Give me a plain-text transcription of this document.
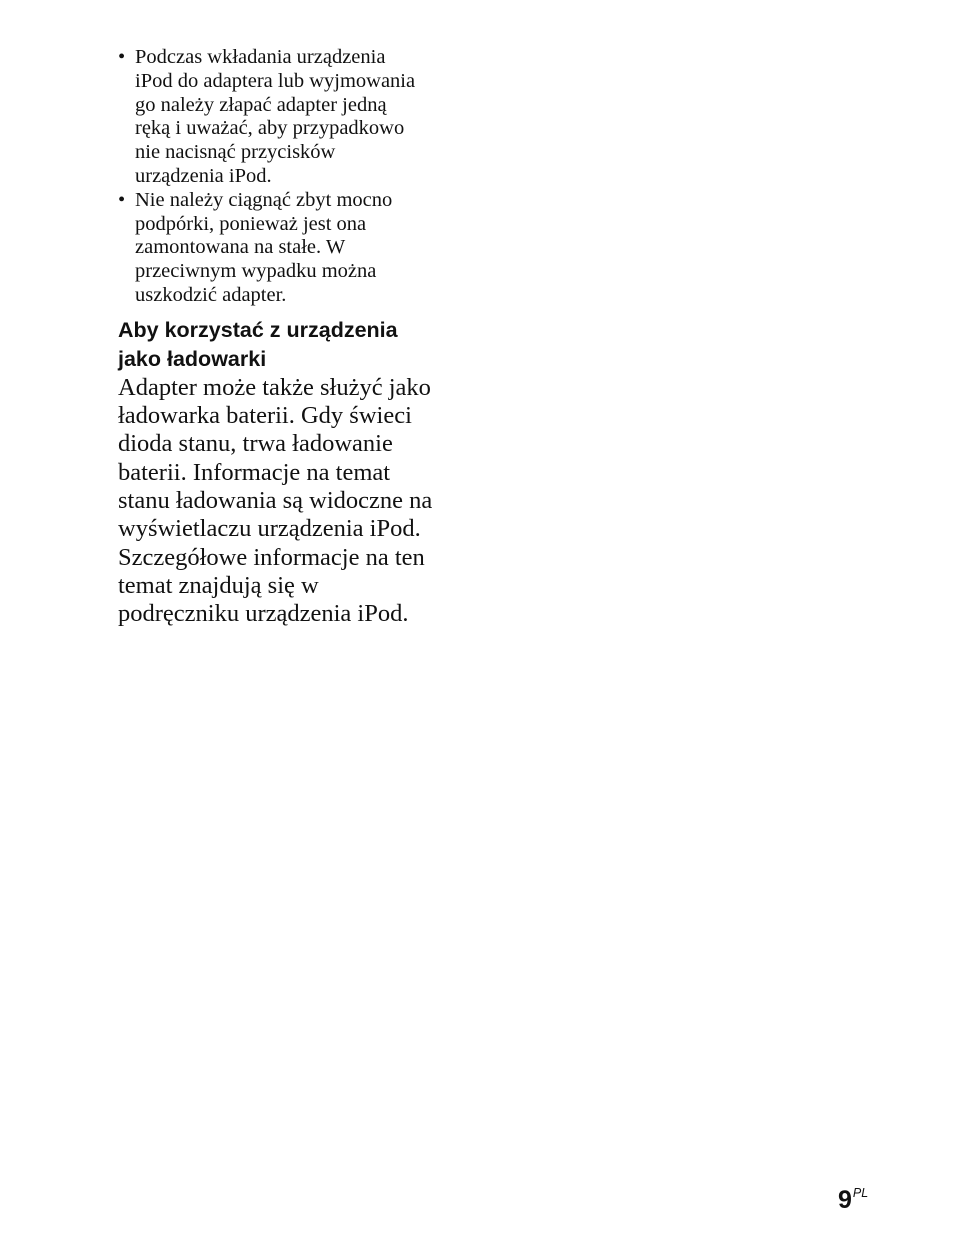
• Podczas wkładania urządzenia
iPod do adaptera lub wyjmowania
go należy złapać adapter jedną
ręką i uważać, aby przypadkowo
nie nacisnąć przycisków
urządzenia iPod.
• Nie należy ciągnąć zbyt mocno
podpórki, ponieważ jest ona
zamontowana na stałe. W
przeciwnym wypadku można
uszkodzić adapter.
Aby korzystać z urządzenia
jako ładowarki
Adapter może także służyć jako
ładowarka baterii. Gdy świeci
dioda stanu, trwa ładowanie
baterii. Informacje na temat
stanu ładowania są widoczne na
wyświetlaczu urządzenia iPod.
Szczegółowe informacje na ten
temat znajdują się w
podręczniku urządzenia iPod.
$9^{PL}$
